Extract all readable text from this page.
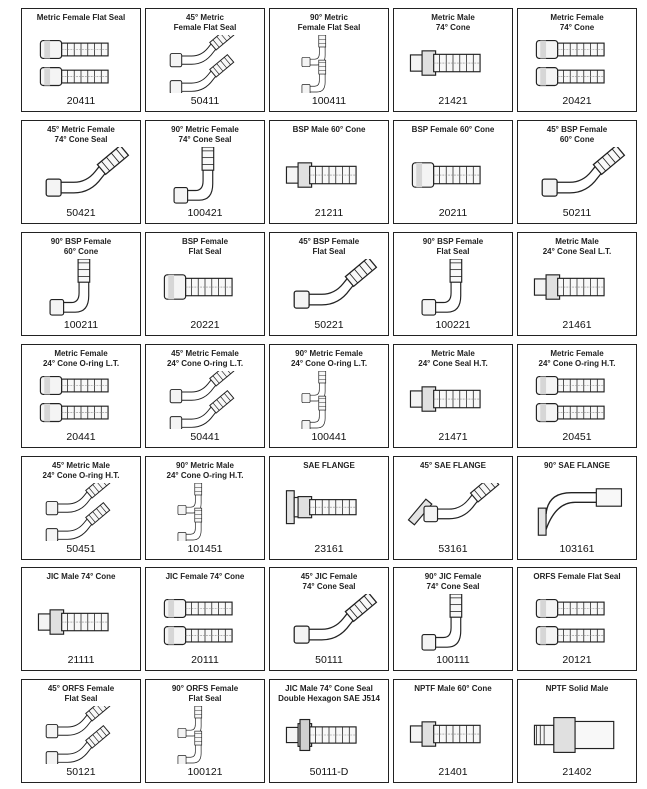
Metric Female Flat Seal
20411
45° Metric
Female Flat Seal
50411
90° Metric
Female Flat Seal
100411
Metric Male
74° Cone
21421
Metric Female
74° Cone
20421
45° Metric Female
74° Cone Seal
50421
90° Metric Female
74° Cone Seal
100421
BSP Male 60° Cone
21211
BSP Female 60° Cone
20211
45° BSP Female
60° Cone
50211
90° BSP Female
60° Cone
100211
BSP Female
Flat Seal
20221
45° BSP Female
Flat Seal
50221
90° BSP Female
Flat Seal
100221
Metric Male
24° Cone Seal L.T.
21461
Metric Female
24° Cone O-ring L.T.
20441
45° Metric Female
24° Cone O-ring L.T.
50441
90° Metric Female
24° Cone O-ring L.T.
100441
Metric Male
24° Cone Seal H.T.
21471
Metric Female
24° Cone O-ring H.T.
20451
45° Metric Male
24° Cone O-ring H.T.
50451
90° Metric Male
24° Cone O-ring H.T.
101451
SAE FLANGE
23161
45° SAE FLANGE
53161
90° SAE FLANGE
103161
JIC Male 74° Cone
21111
JIC Female 74° Cone
20111
45° JIC Female
74° Cone Seal
50111
90° JIC Female
74° Cone Seal
100111
ORFS Female Flat Seal
20121
45° ORFS Female
Flat Seal
50121
90° ORFS Female
Flat Seal
100121
JIC Male 74° Cone Seal
Double Hexagon SAE J514
50111-D
NPTF Male 60° Cone
21401
NPTF Solid Male
21402
